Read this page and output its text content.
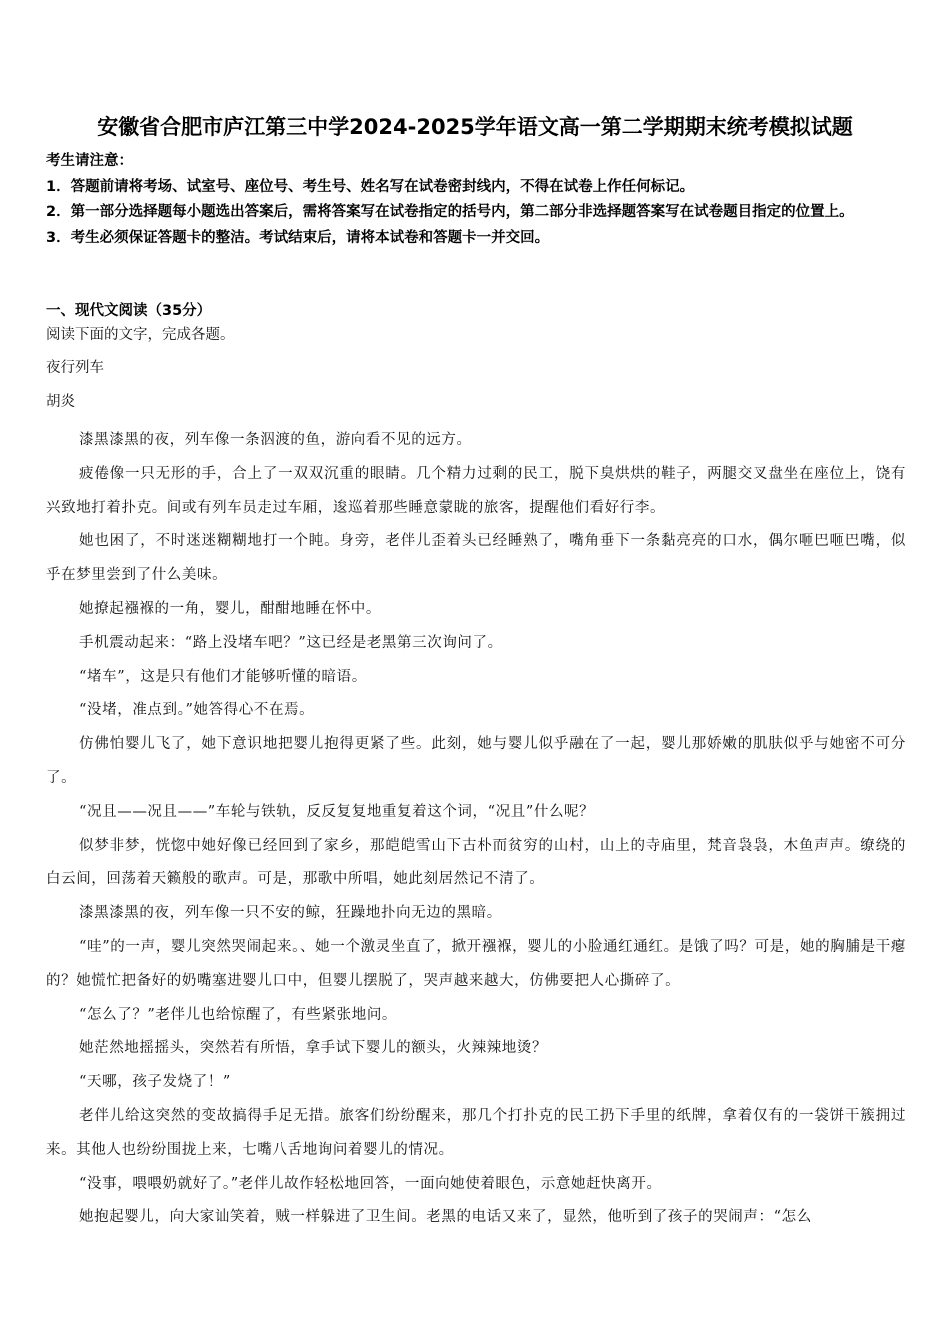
安徽省合肥市庐江第三中学2024-2025学年语文高一第二学期期末统考模拟试题
考生请注意：
1．答题前请将考场、试室号、座位号、考生号、姓名写在试卷密封线内，不得在试卷上作任何标记。
2．第一部分选择题每小题选出答案后，需将答案写在试卷指定的括号内，第二部分非选择题答案写在试卷题目指定的位置上。
3．考生必须保证答题卡的整洁。考试结束后，请将本试卷和答题卡一并交回。
一、现代文阅读（35分）
阅读下面的文字，完成各题。
夜行列车
胡炎

漆黑漆黑的夜，列车像一条泅渡的鱼，游向看不见的远方。

疲倦像一只无形的手，合上了一双双沉重的眼睛。几个精力过剩的民工，脱下臭烘烘的鞋子，两腿交叉盘坐在座位上，饶有兴致地打着扑克。间或有列车员走过车厢，逡巡着那些睡意蒙眬的旅客，提醒他们看好行李。

她也困了，不时迷迷糊糊地打一个盹。身旁，老伴儿歪着头已经睡熟了，嘴角垂下一条黏亮亮的口水，偶尔咂巴咂巴嘴，似乎在梦里尝到了什么美味。

她撩起襁褓的一角，婴儿，酣酣地睡在怀中。

手机震动起来：“路上没堵车吧？”这已经是老黑第三次询问了。

“堵车”，这是只有他们才能够听懂的暗语。

“没堵，准点到。”她答得心不在焉。

仿佛怕婴儿飞了，她下意识地把婴儿抱得更紧了些。此刻，她与婴儿似乎融在了一起，婴儿那娇嫩的肌肤似乎与她密不可分了。

“况且——况且——”车轮与铁轨，反反复复地重复着这个词，“况且”什么呢？

似梦非梦，恍惚中她好像已经回到了家乡，那皑皑雪山下古朴而贫穷的山村，山上的寺庙里，梵音袅袅，木鱼声声。缭绕的白云间，回荡着天籁般的歌声。可是，那歌中所唱，她此刻居然记不清了。

漆黑漆黑的夜，列车像一只不安的鲸，狂躁地扑向无边的黑暗。

“哇”的一声，婴儿突然哭闹起来。、她一个激灵坐直了，掀开襁褓，婴儿的小脸通红通红。是饿了吗？可是，她的胸脯是干瘪的？她慌忙把备好的奶嘴塞进婴儿口中，但婴儿摆脱了，哭声越来越大，仿佛要把人心撕碎了。

“怎么了？”老伴儿也给惊醒了，有些紧张地问。

她茫然地摇摇头，突然若有所悟，拿手试下婴儿的额头，火辣辣地烫？

“天哪，孩子发烧了！”

老伴儿给这突然的变故搞得手足无措。旅客们纷纷醒来，那几个打扑克的民工扔下手里的纸牌，拿着仅有的一袋饼干簇拥过来。其他人也纷纷围拢上来，七嘴八舌地询问着婴儿的情况。

“没事，喂喂奶就好了。”老伴儿故作轻松地回答，一面向她使着眼色，示意她赶快离开。

她抱起婴儿，向大家讪笑着，贼一样躲进了卫生间。老黑的电话又来了，显然，他听到了孩子的哭闹声：“怎么
